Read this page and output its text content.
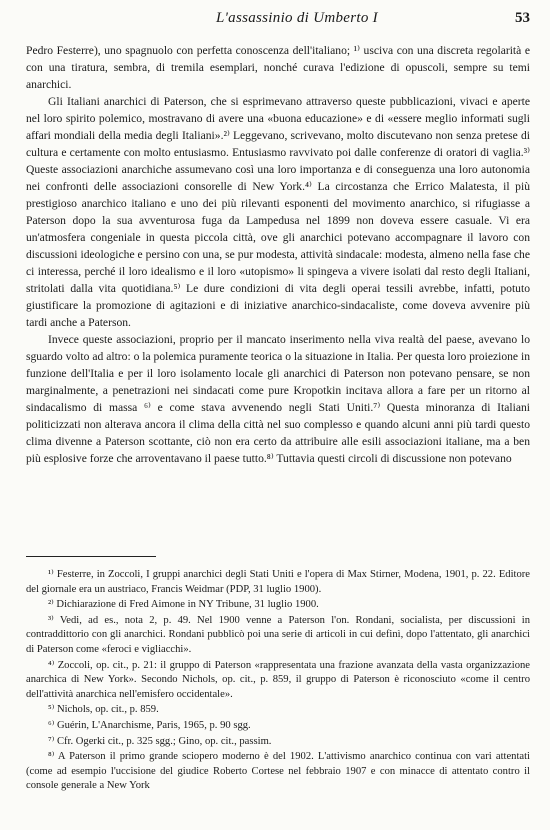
L'assassinio di Umberto I	53

Pedro Festerre), uno spagnuolo con perfetta conoscenza dell'italiano; ¹⁾ usciva con una discreta regolarità e con una tiratura, sembra, di tremila esemplari, nonché curava l'edizione di opuscoli, sempre su temi anarchici.

Gli Italiani anarchici di Paterson, che si esprimevano attraverso queste pubblicazioni, vivaci e aperte nel loro spirito polemico, mostravano di avere una «buona educazione» e di «essere meglio informati sugli affari mondiali della media degli Italiani».²⁾ Leggevano, scrivevano, molto discutevano non senza pretese di cultura e certamente con molto entusiasmo. Entusiasmo ravvivato poi dalle conferenze di oratori di vaglia.³⁾ Queste associazioni anarchiche assumevano così una loro importanza e di conseguenza una loro autonomia nei confronti delle associazioni consorelle di New York.⁴⁾ La circostanza che Errico Malatesta, il più prestigioso anarchico italiano e uno dei più rilevanti esponenti del movimento anarchico, si rifugiasse a Paterson dopo la sua avventurosa fuga da Lampedusa nel 1899 non doveva essere casuale. Vi era un'atmosfera congeniale in questa piccola città, ove gli anarchici potevano accompagnare il lavoro con discussioni ideologiche e persino con una, se pur modesta, attività sindacale: modesta, almeno nella fase che ci interessa, perché il loro idealismo e il loro «utopismo» li spingeva a vivere isolati dal resto degli Italiani, stritolati dalla vita quotidiana.⁵⁾ Le dure condizioni di vita degli operai tessili avrebbe, infatti, potuto giustificare la promozione di agitazioni e di iniziative anarchico-sindacaliste, come doveva avvenire più tardi anche a Paterson.

Invece queste associazioni, proprio per il mancato inserimento nella viva realtà del paese, avevano lo sguardo volto ad altro: o la polemica puramente teorica o la situazione in Italia. Per questa loro proiezione in funzione dell'Italia e per il loro isolamento locale gli anarchici di Paterson non potevano pensare, se non marginalmente, a penetrazioni nei sindacati come pure Kropotkin incitava allora a fare per un ritorno al sindacalismo di massa ⁶⁾ e come stava avvenendo negli Stati Uniti.⁷⁾ Questa minoranza di Italiani politicizzati non alterava ancora il clima della città nel suo complesso e quando alcuni anni più tardi questo clima divenne a Paterson scottante, ciò non era certo da attribuire alle esili associazioni italiane, ma a ben più esplosive forze che arroventavano il paese tutto.⁸⁾ Tuttavia questi circoli di discussione non potevano

¹⁾ Festerre, in Zoccoli, I gruppi anarchici degli Stati Uniti e l'opera di Max Stirner, Modena, 1901, p. 22. Editore del giornale era un austriaco, Francis Weidmar (PDP, 31 luglio 1900).

²⁾ Dichiarazione di Fred Aimone in NY Tribune, 31 luglio 1900.

³⁾ Vedi, ad es., nota 2, p. 49. Nel 1900 venne a Paterson l'on. Rondani, socialista, per discussioni in contraddittorio con gli anarchici. Rondani pubblicò poi una serie di articoli in cui definì, dopo l'attentato, gli anarchici di Paterson come «feroci e vigliacchi».

⁴⁾ Zoccoli, op. cit., p. 21: il gruppo di Paterson «rappresentata una frazione avanzata della vasta organizzazione anarchica di New York». Secondo Nichols, op. cit., p. 859, il gruppo di Paterson è riconosciuto «come il centro dell'attività anarchica nell'emisfero occidentale».

⁵⁾ Nichols, op. cit., p. 859.

⁶⁾ Guérin, L'Anarchisme, Paris, 1965, p. 90 sgg.

⁷⁾ Cfr. Ogerki cit., p. 325 sgg.; Gino, op. cit., passim.

⁸⁾ A Paterson il primo grande sciopero moderno è del 1902. L'attivismo anarchico continua con vari attentati (come ad esempio l'uccisione del giudice Roberto Cortese nel febbraio 1907 e con minacce di attentato contro il console generale a New York
